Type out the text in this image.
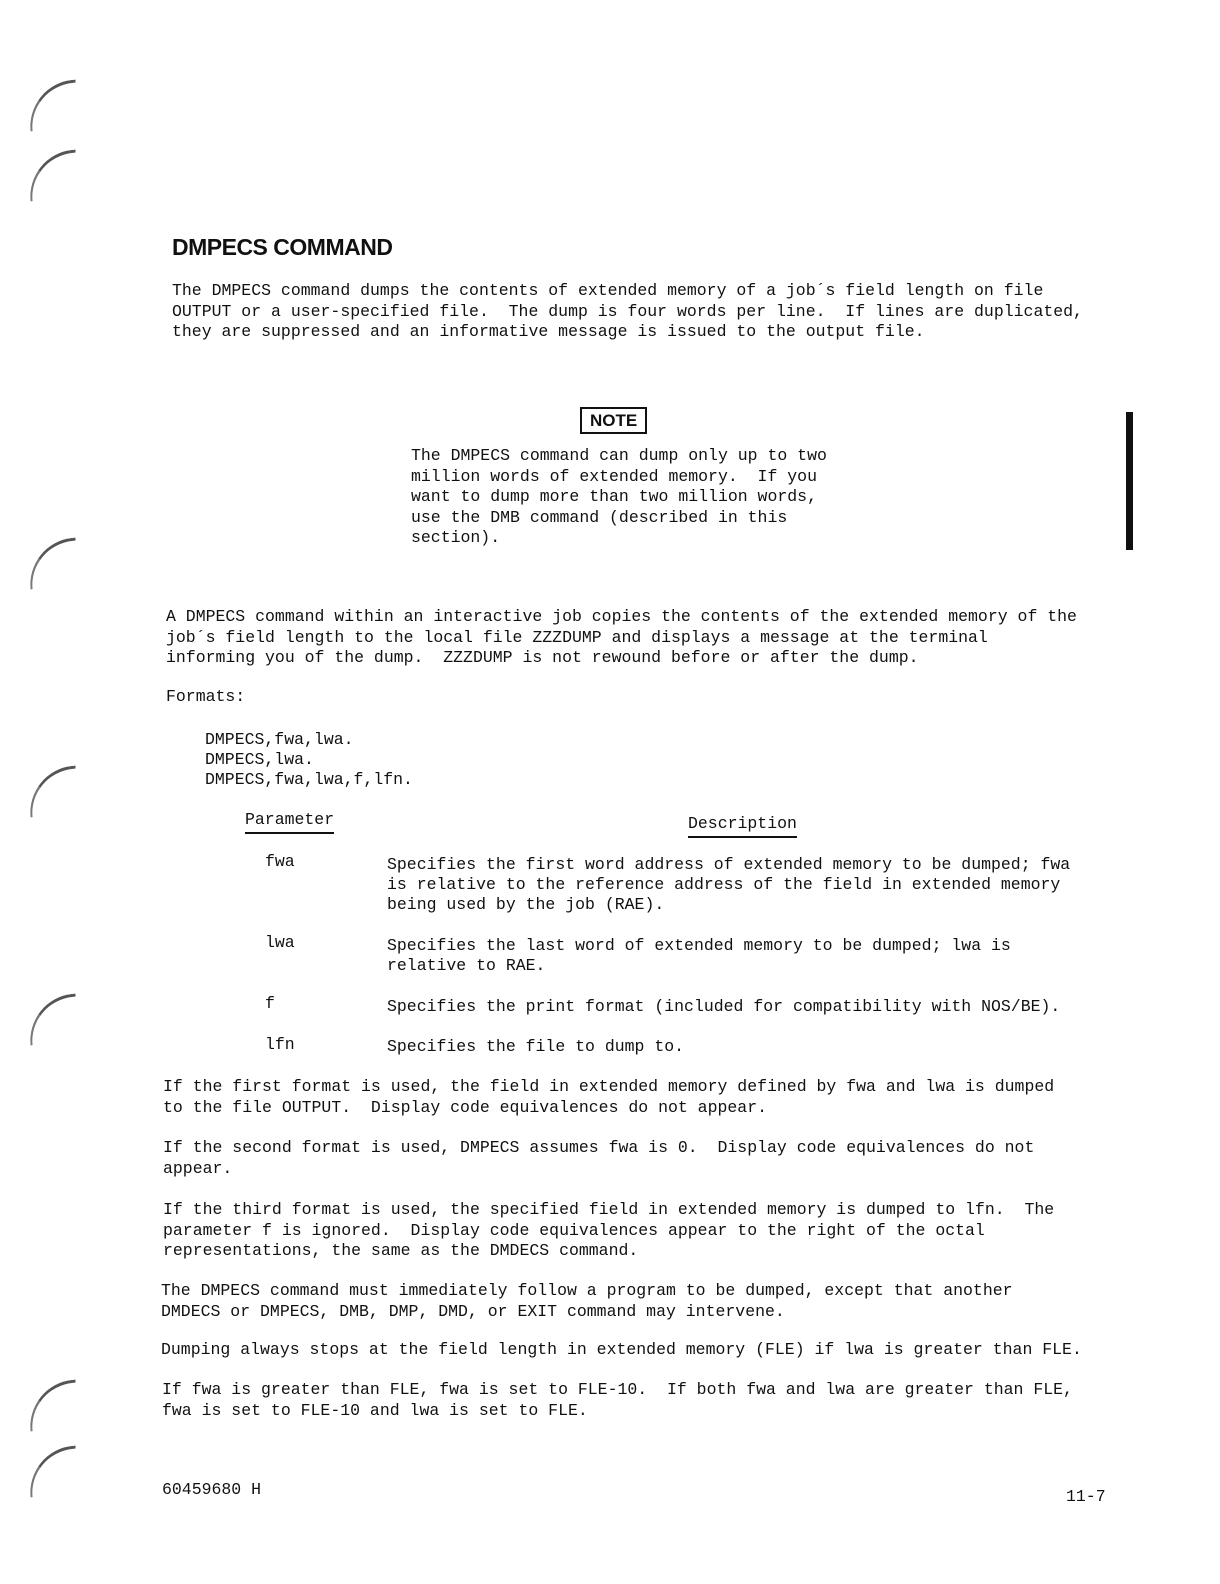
DMPECS COMMAND

The DMPECS command dumps the contents of extended memory of a job´s field length on file
OUTPUT or a user-specified file.  The dump is four words per line.  If lines are duplicated,
they are suppressed and an informative message is issued to the output file.

NOTE

The DMPECS command can dump only up to two
million words of extended memory.  If you
want to dump more than two million words,
use the DMB command (described in this
section).

A DMPECS command within an interactive job copies the contents of the extended memory of the
job´s field length to the local file ZZZDUMP and displays a message at the terminal
informing you of the dump.  ZZZDUMP is not rewound before or after the dump.

Formats:

DMPECS,fwa,lwa.
DMPECS,lwa.
DMPECS,fwa,lwa,f,lfn.

Parameter	Description

fwa	Specifies the first word address of extended memory to be dumped; fwa
is relative to the reference address of the field in extended memory
being used by the job (RAE).

lwa	Specifies the last word of extended memory to be dumped; lwa is
relative to RAE.

f	Specifies the print format (included for compatibility with NOS/BE).

lfn	Specifies the file to dump to.

If the first format is used, the field in extended memory defined by fwa and lwa is dumped
to the file OUTPUT.  Display code equivalences do not appear.

If the second format is used, DMPECS assumes fwa is 0.  Display code equivalences do not
appear.

If the third format is used, the specified field in extended memory is dumped to lfn.  The
parameter f is ignored.  Display code equivalences appear to the right of the octal
representations, the same as the DMDECS command.

The DMPECS command must immediately follow a program to be dumped, except that another
DMDECS or DMPECS, DMB, DMP, DMD, or EXIT command may intervene.

Dumping always stops at the field length in extended memory (FLE) if lwa is greater than FLE.

If fwa is greater than FLE, fwa is set to FLE-10.  If both fwa and lwa are greater than FLE,
fwa is set to FLE-10 and lwa is set to FLE.

60459680 H	11-7
